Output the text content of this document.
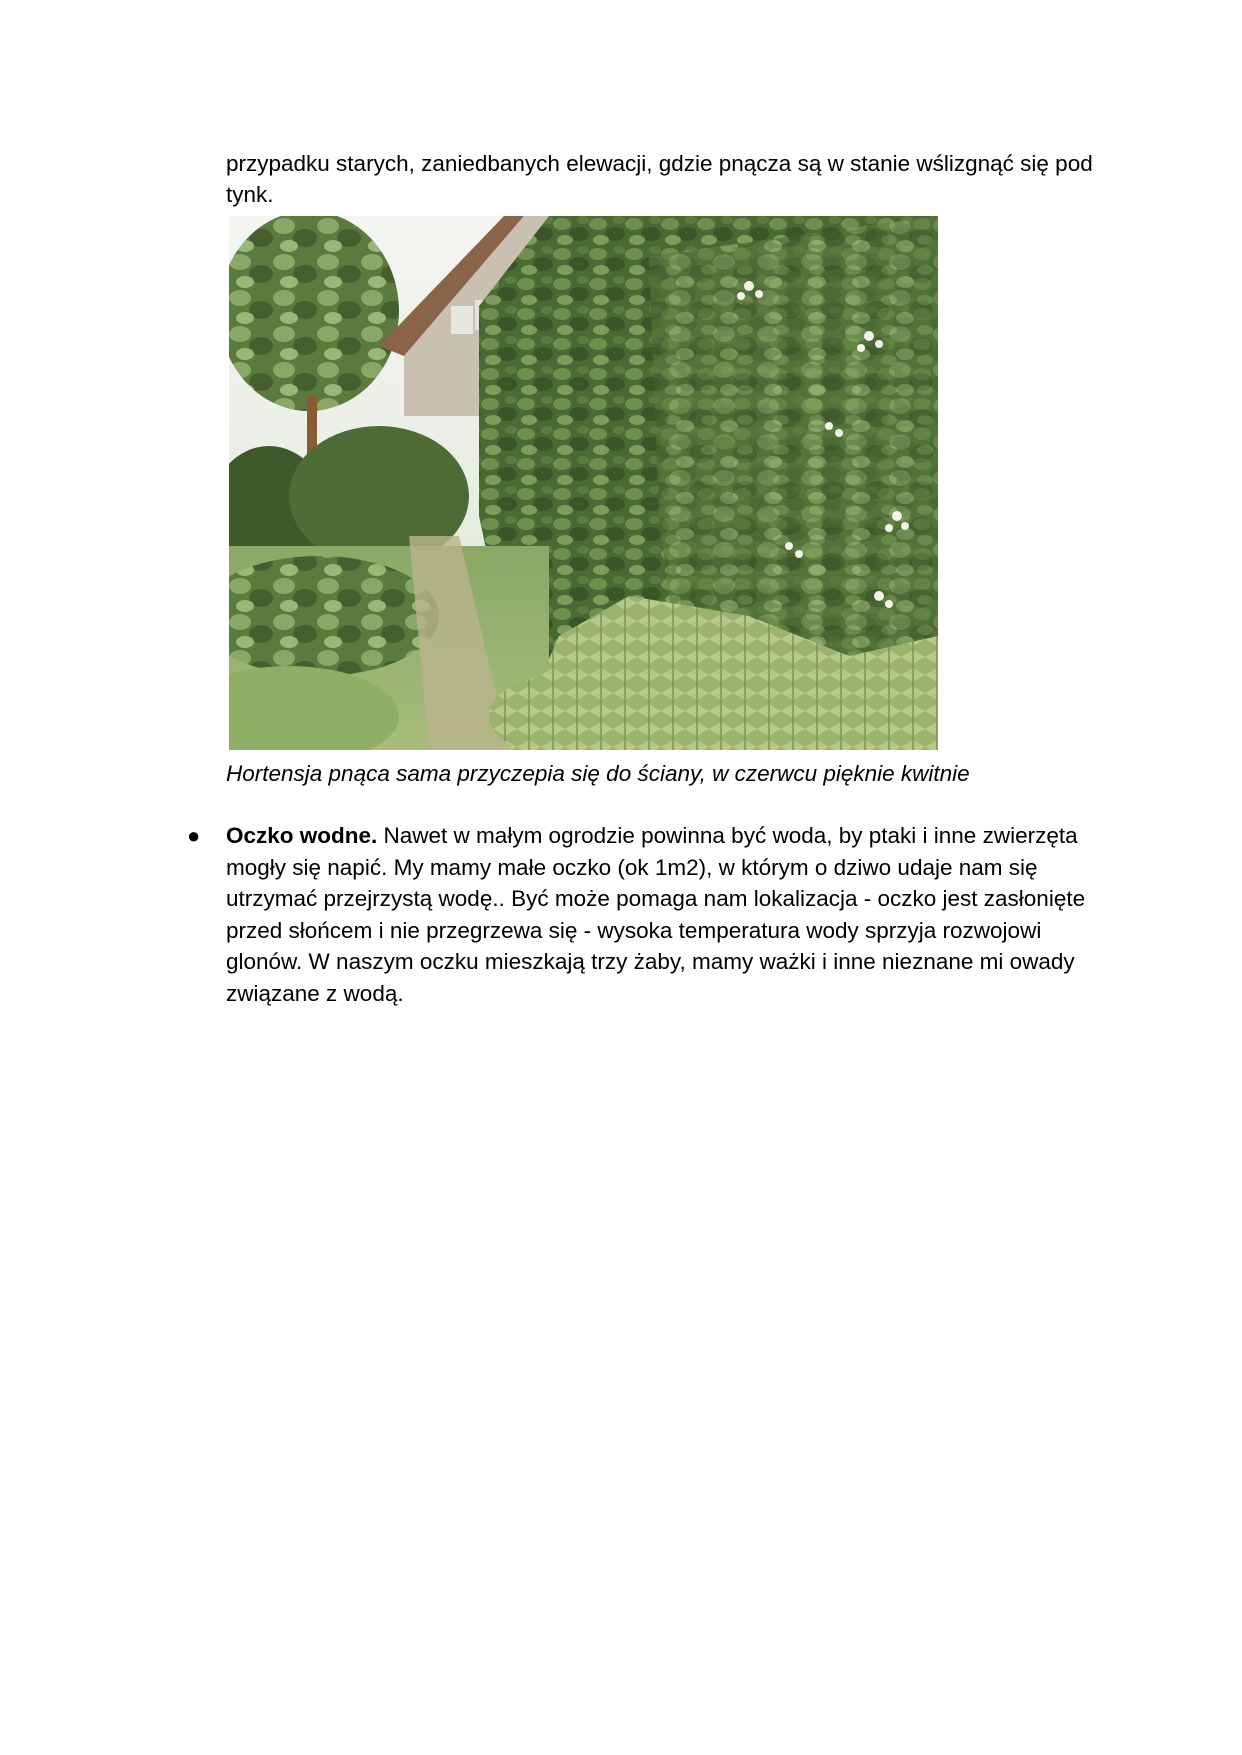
przypadku starych, zaniedbanych elewacji, gdzie pnącza są w stanie wślizgnąć się pod tynk.
Hortensja pnąca sama przyczepia się do ściany, w czerwcu pięknie kwitnie
● Oczko wodne. Nawet w małym ogrodzie powinna być woda, by ptaki i inne zwierzęta mogły się napić. My mamy małe oczko (ok 1m2), w którym o dziwo udaje nam się utrzymać przejrzystą wodę.. Być może pomaga nam lokalizacja - oczko jest zasłonięte przed słońcem i nie przegrzewa się - wysoka temperatura wody sprzyja rozwojowi glonów. W naszym oczku mieszkają trzy żaby, mamy ważki i inne nieznane mi owady związane z wodą.
